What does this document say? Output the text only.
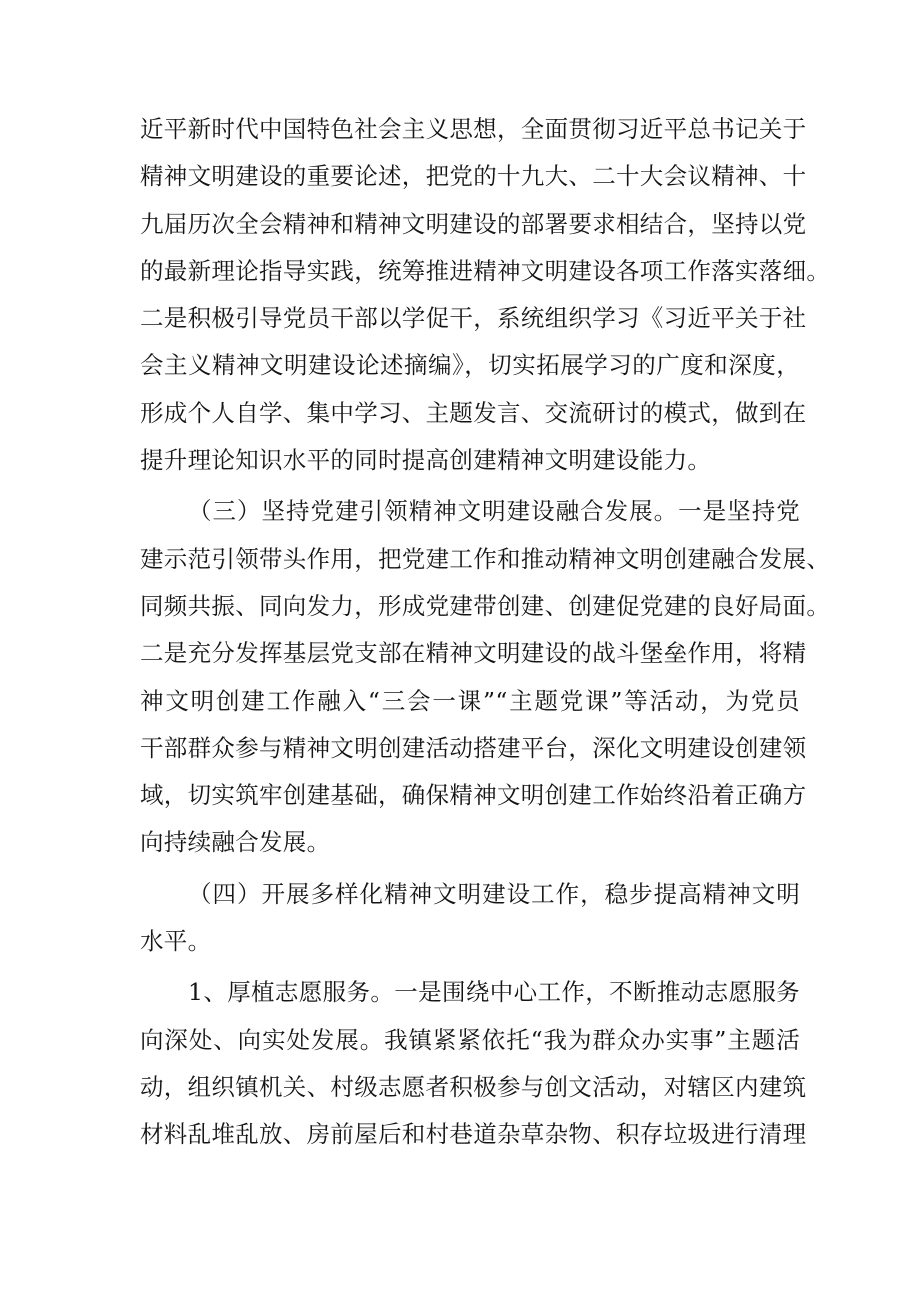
近平新时代中国特色社会主义思想，全面贯彻习近平总书记关于
精神文明建设的重要论述，把党的十九大、二十大会议精神、十
九届历次全会精神和精神文明建设的部署要求相结合，坚持以党
的最新理论指导实践，统筹推进精神文明建设各项工作落实落细。
二是积极引导党员干部以学促干，系统组织学习《习近平关于社
会主义精神文明建设论述摘编》，切实拓展学习的广度和深度，
形成个人自学、集中学习、主题发言、交流研讨的模式，做到在
提升理论知识水平的同时提高创建精神文明建设能力。
（三）坚持党建引领精神文明建设融合发展。一是坚持党
建示范引领带头作用，把党建工作和推动精神文明创建融合发展、
同频共振、同向发力，形成党建带创建、创建促党建的良好局面。
二是充分发挥基层党支部在精神文明建设的战斗堡垒作用，将精
神文明创建工作融入“三会一课”“主题党课”等活动，为党员
干部群众参与精神文明创建活动搭建平台，深化文明建设创建领
域，切实筑牢创建基础，确保精神文明创建工作始终沿着正确方
向持续融合发展。
（四）开展多样化精神文明建设工作，稳步提高精神文明
水平。
1、厚植志愿服务。一是围绕中心工作，不断推动志愿服务
向深处、向实处发展。我镇紧紧依托“我为群众办实事”主题活
动，组织镇机关、村级志愿者积极参与创文活动，对辖区内建筑
材料乱堆乱放、房前屋后和村巷道杂草杂物、积存垃圾进行清理
